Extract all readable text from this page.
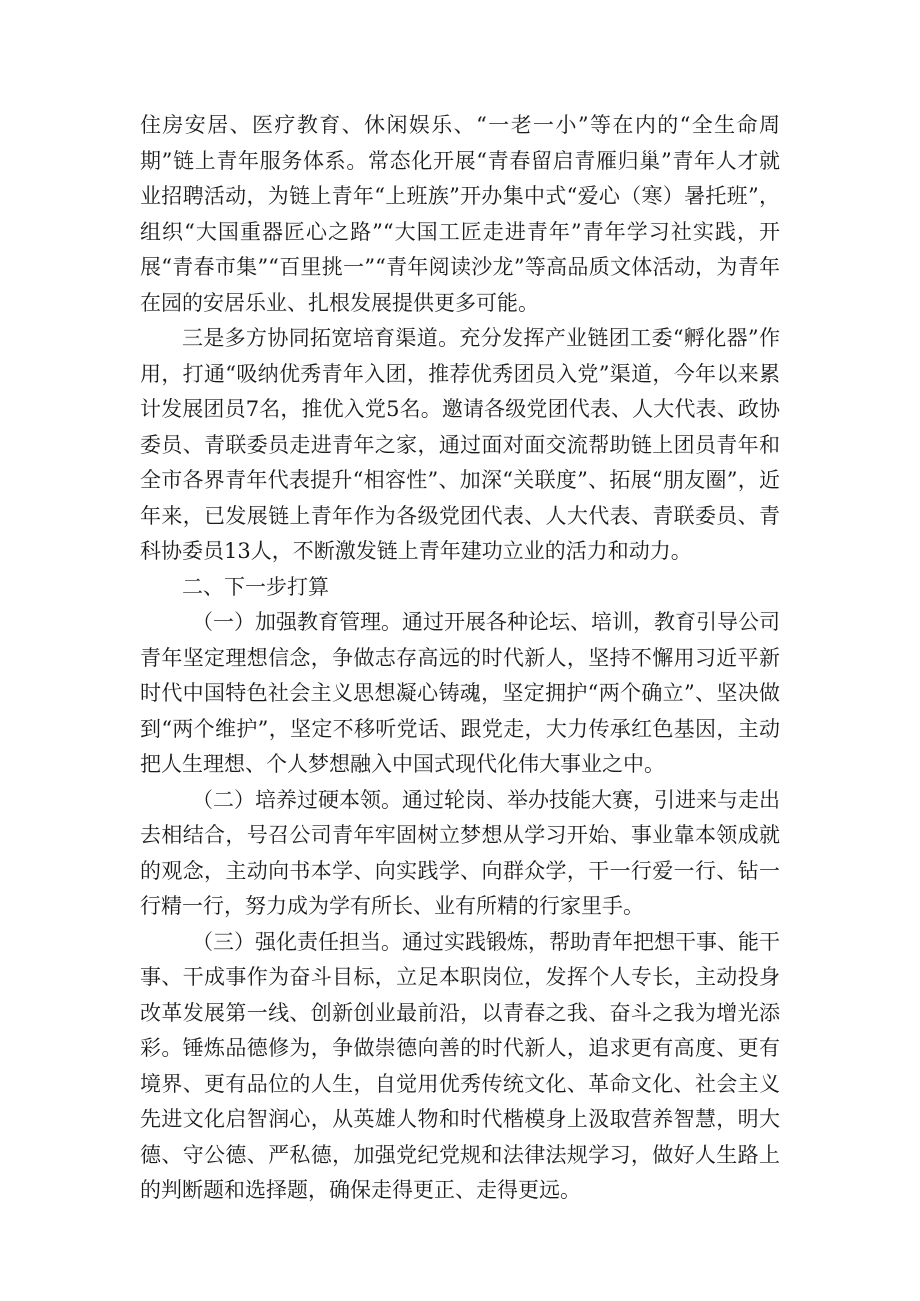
住房安居、医疗教育、休闲娱乐、“一老一小”等在内的“全生命周期”链上青年服务体系。常态化开展“青春留启青雁归巢”青年人才就业招聘活动，为链上青年“上班族”开办集中式“爱心（寒）暑托班”，组织“大国重器匠心之路”“大国工匠走进青年”青年学习社实践，开展“青春市集”“百里挑一”“青年阅读沙龙”等高品质文体活动，为青年在园的安居乐业、扎根发展提供更多可能。

三是多方协同拓宽培育渠道。充分发挥产业链团工委“孵化器”作用，打通“吸纳优秀青年入团，推荐优秀团员入党”渠道，今年以来累计发展团员7名，推优入党5名。邀请各级党团代表、人大代表、政协委员、青联委员走进青年之家，通过面对面交流帮助链上团员青年和全市各界青年代表提升“相容性”、加深“关联度”、拓展“朋友圈”，近年来，已发展链上青年作为各级党团代表、人大代表、青联委员、青科协委员13人，不断激发链上青年建功立业的活力和动力。

二、下一步打算

（一）加强教育管理。通过开展各种论坛、培训，教育引导公司青年坚定理想信念，争做志存高远的时代新人，坚持不懈用习近平新时代中国特色社会主义思想凝心铸魂，坚定拥护“两个确立”、坚决做到“两个维护”，坚定不移听党话、跟党走，大力传承红色基因，主动把人生理想、个人梦想融入中国式现代化伟大事业之中。

（二）培养过硬本领。通过轮岗、举办技能大赛，引进来与走出去相结合，号召公司青年牢固树立梦想从学习开始、事业靠本领成就的观念，主动向书本学、向实践学、向群众学，干一行爱一行、钻一行精一行，努力成为学有所长、业有所精的行家里手。

（三）强化责任担当。通过实践锻炼，帮助青年把想干事、能干事、干成事作为奋斗目标，立足本职岗位，发挥个人专长，主动投身改革发展第一线、创新创业最前沿，以青春之我、奋斗之我为增光添彩。锤炼品德修为，争做崇德向善的时代新人，追求更有高度、更有境界、更有品位的人生，自觉用优秀传统文化、革命文化、社会主义先进文化启智润心，从英雄人物和时代楷模身上汲取营养智慧，明大德、守公德、严私德，加强党纪党规和法律法规学习，做好人生路上的判断题和选择题，确保走得更正、走得更远。
